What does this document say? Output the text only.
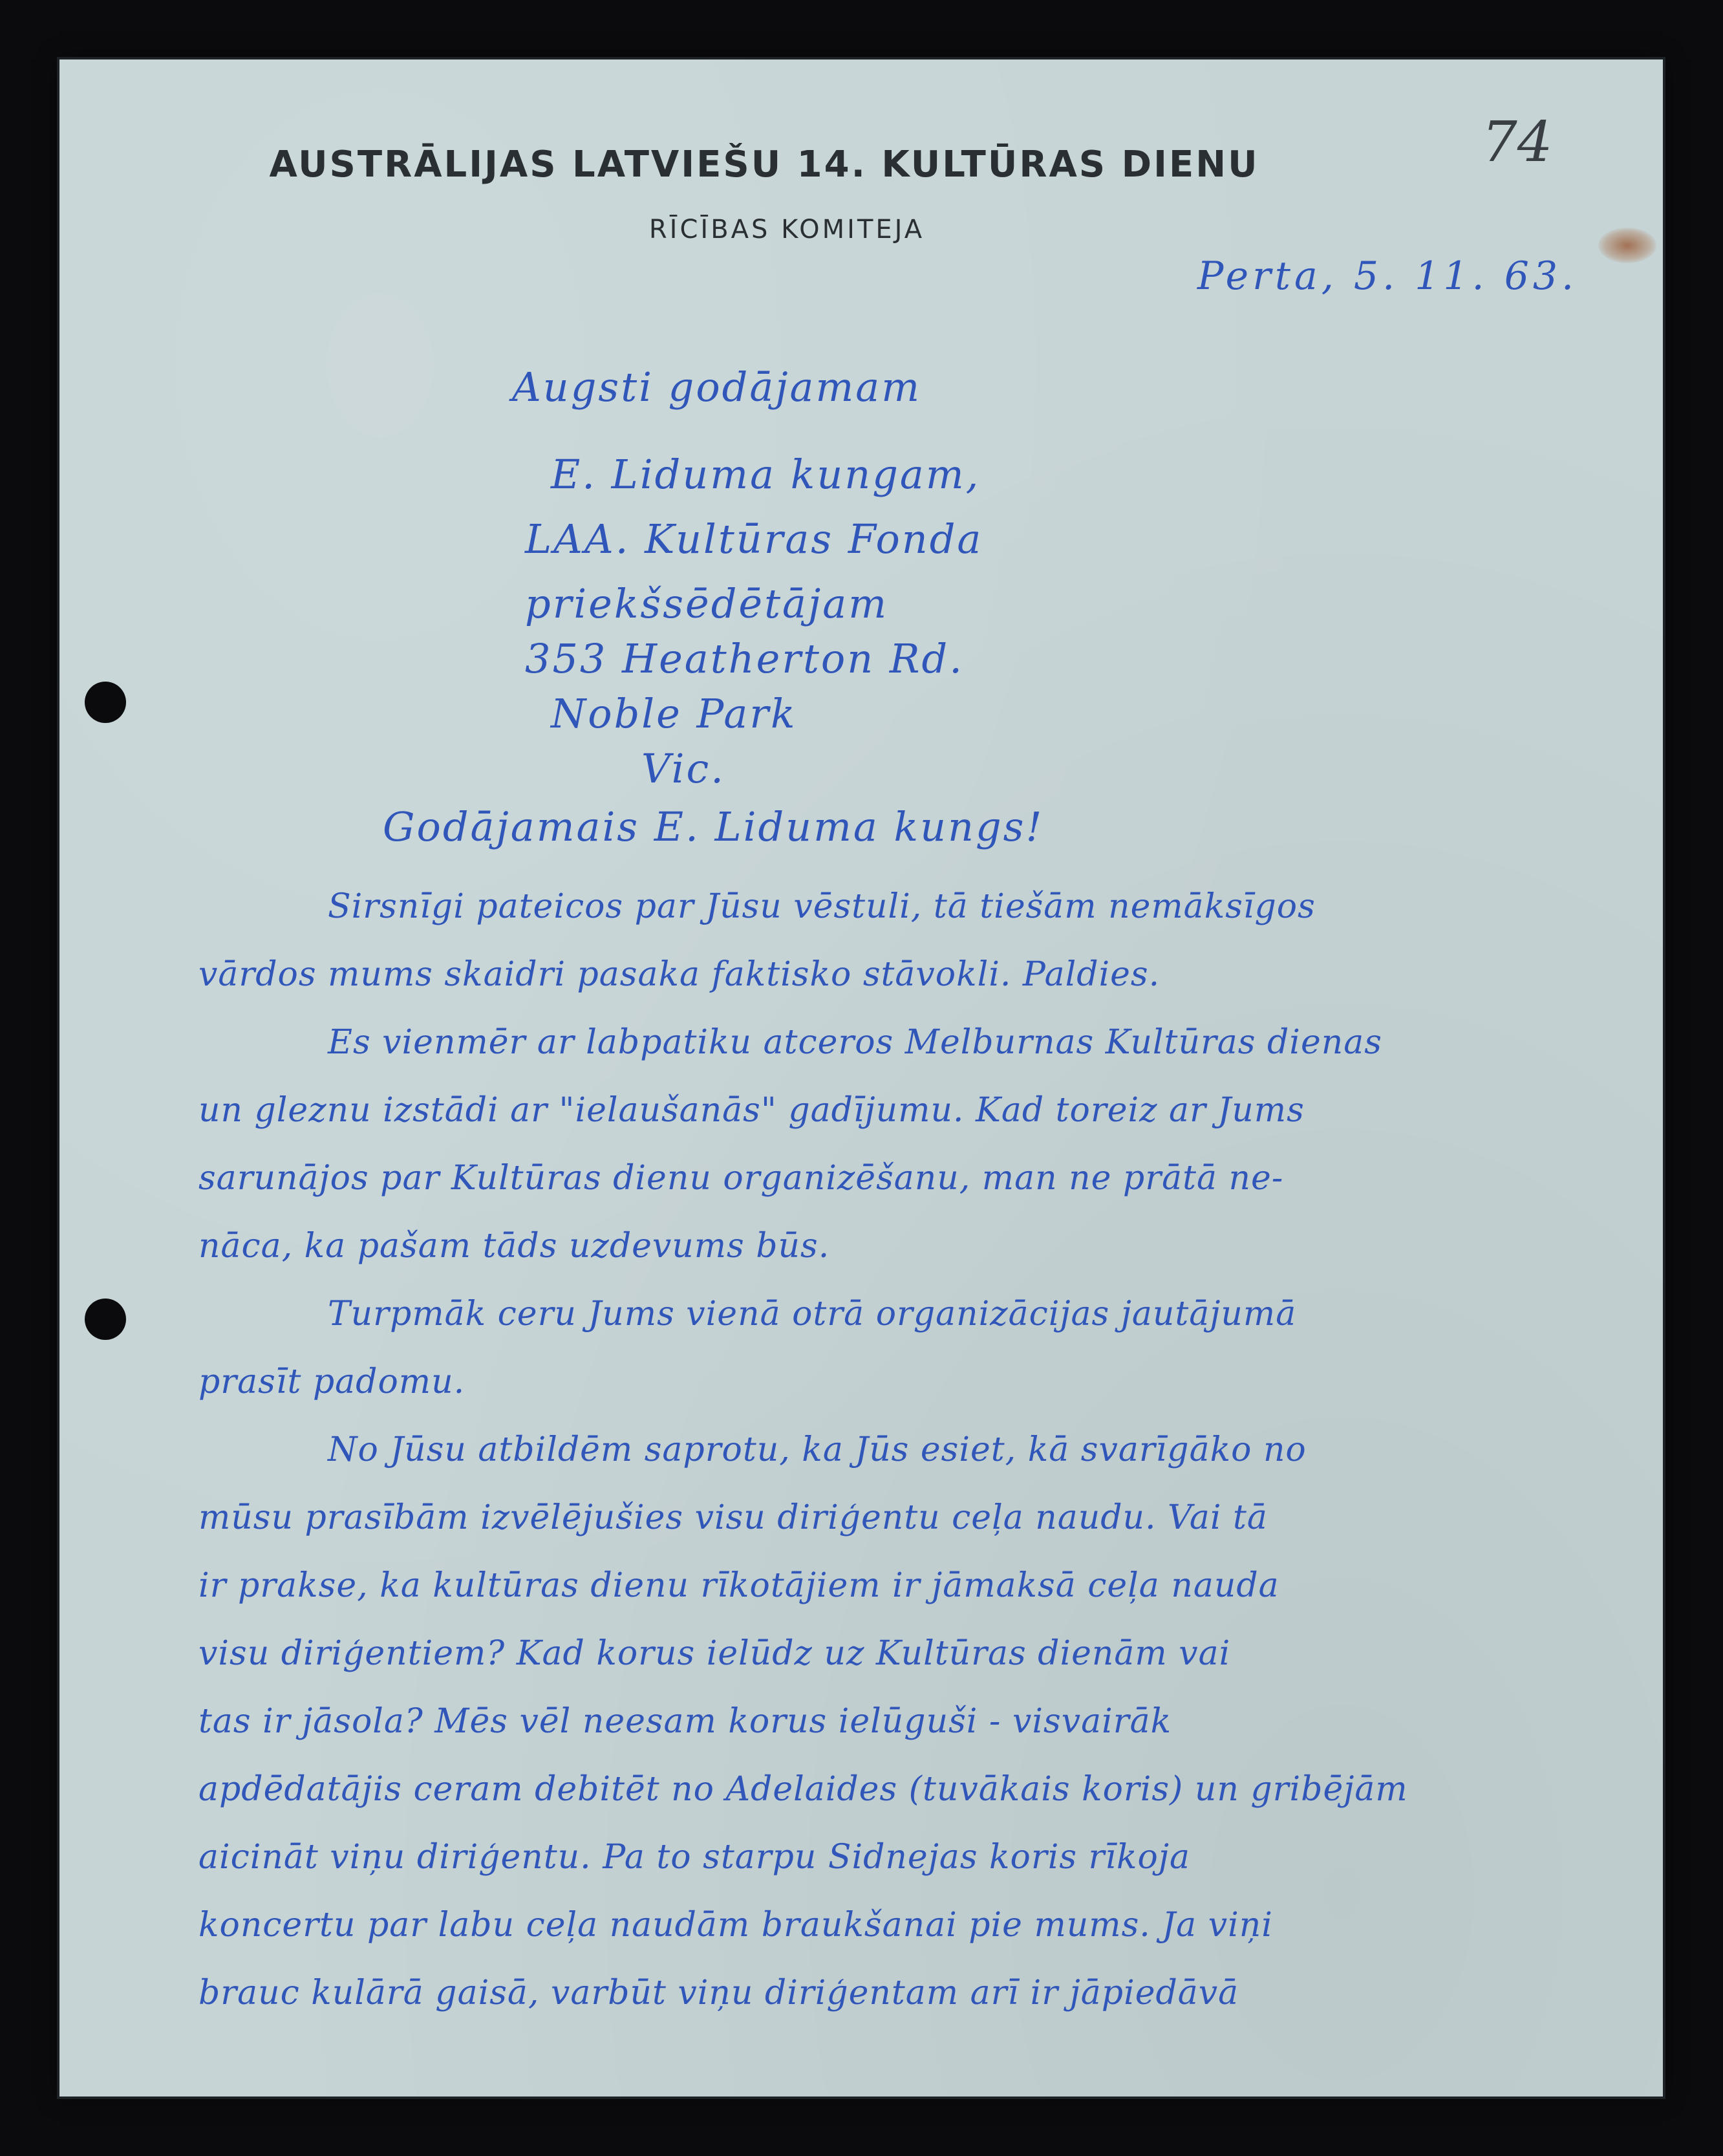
AUSTRĀLIJAS LATVIEŠU 14. KULTŪRAS DIENU
RĪCĪBAS KOMITEJA
74
Perta, 5. 11. 63.
Augsti godājamam
E. Liduma kungam,
LAA. Kultūras Fonda
priekšsēdētājam
353 Heatherton Rd.
Noble Park
Vic.
Godājamais E. Liduma kungs!
Sirsnīgi pateicos par Jūsu vēstuli, tā tiešām nemāksīgos
vārdos mums skaidri pasaka faktisko stāvokli. Paldies.
Es vienmēr ar labpatiku atceros Melburnas Kultūras dienas
un gleznu izstādi ar "ielaušanās" gadījumu. Kad toreiz ar Jums
sarunājos par Kultūras dienu organizēšanu, man ne prātā ne-
nāca, ka pašam tāds uzdevums būs.
Turpmāk ceru Jums vienā otrā organizācijas jautājumā
prasīt padomu.
No Jūsu atbildēm saprotu, ka Jūs esiet, kā svarīgāko no
mūsu prasībām izvēlējušies visu diriģentu ceļa naudu. Vai tā
ir prakse, ka kultūras dienu rīkotājiem ir jāmaksā ceļa nauda
visu diriģentiem? Kad korus ielūdz uz Kultūras dienām vai
tas ir jāsola? Mēs vēl neesam korus ielūguši - visvairāk
apdēdatājis ceram debitēt no Adelaides (tuvākais koris) un gribējām
aicināt viņu diriģentu. Pa to starpu Sidnejas koris rīkoja
koncertu par labu ceļa naudām braukšanai pie mums. Ja viņi
brauc kulārā gaisā, varbūt viņu diriģentam arī ir jāpiedāvā
